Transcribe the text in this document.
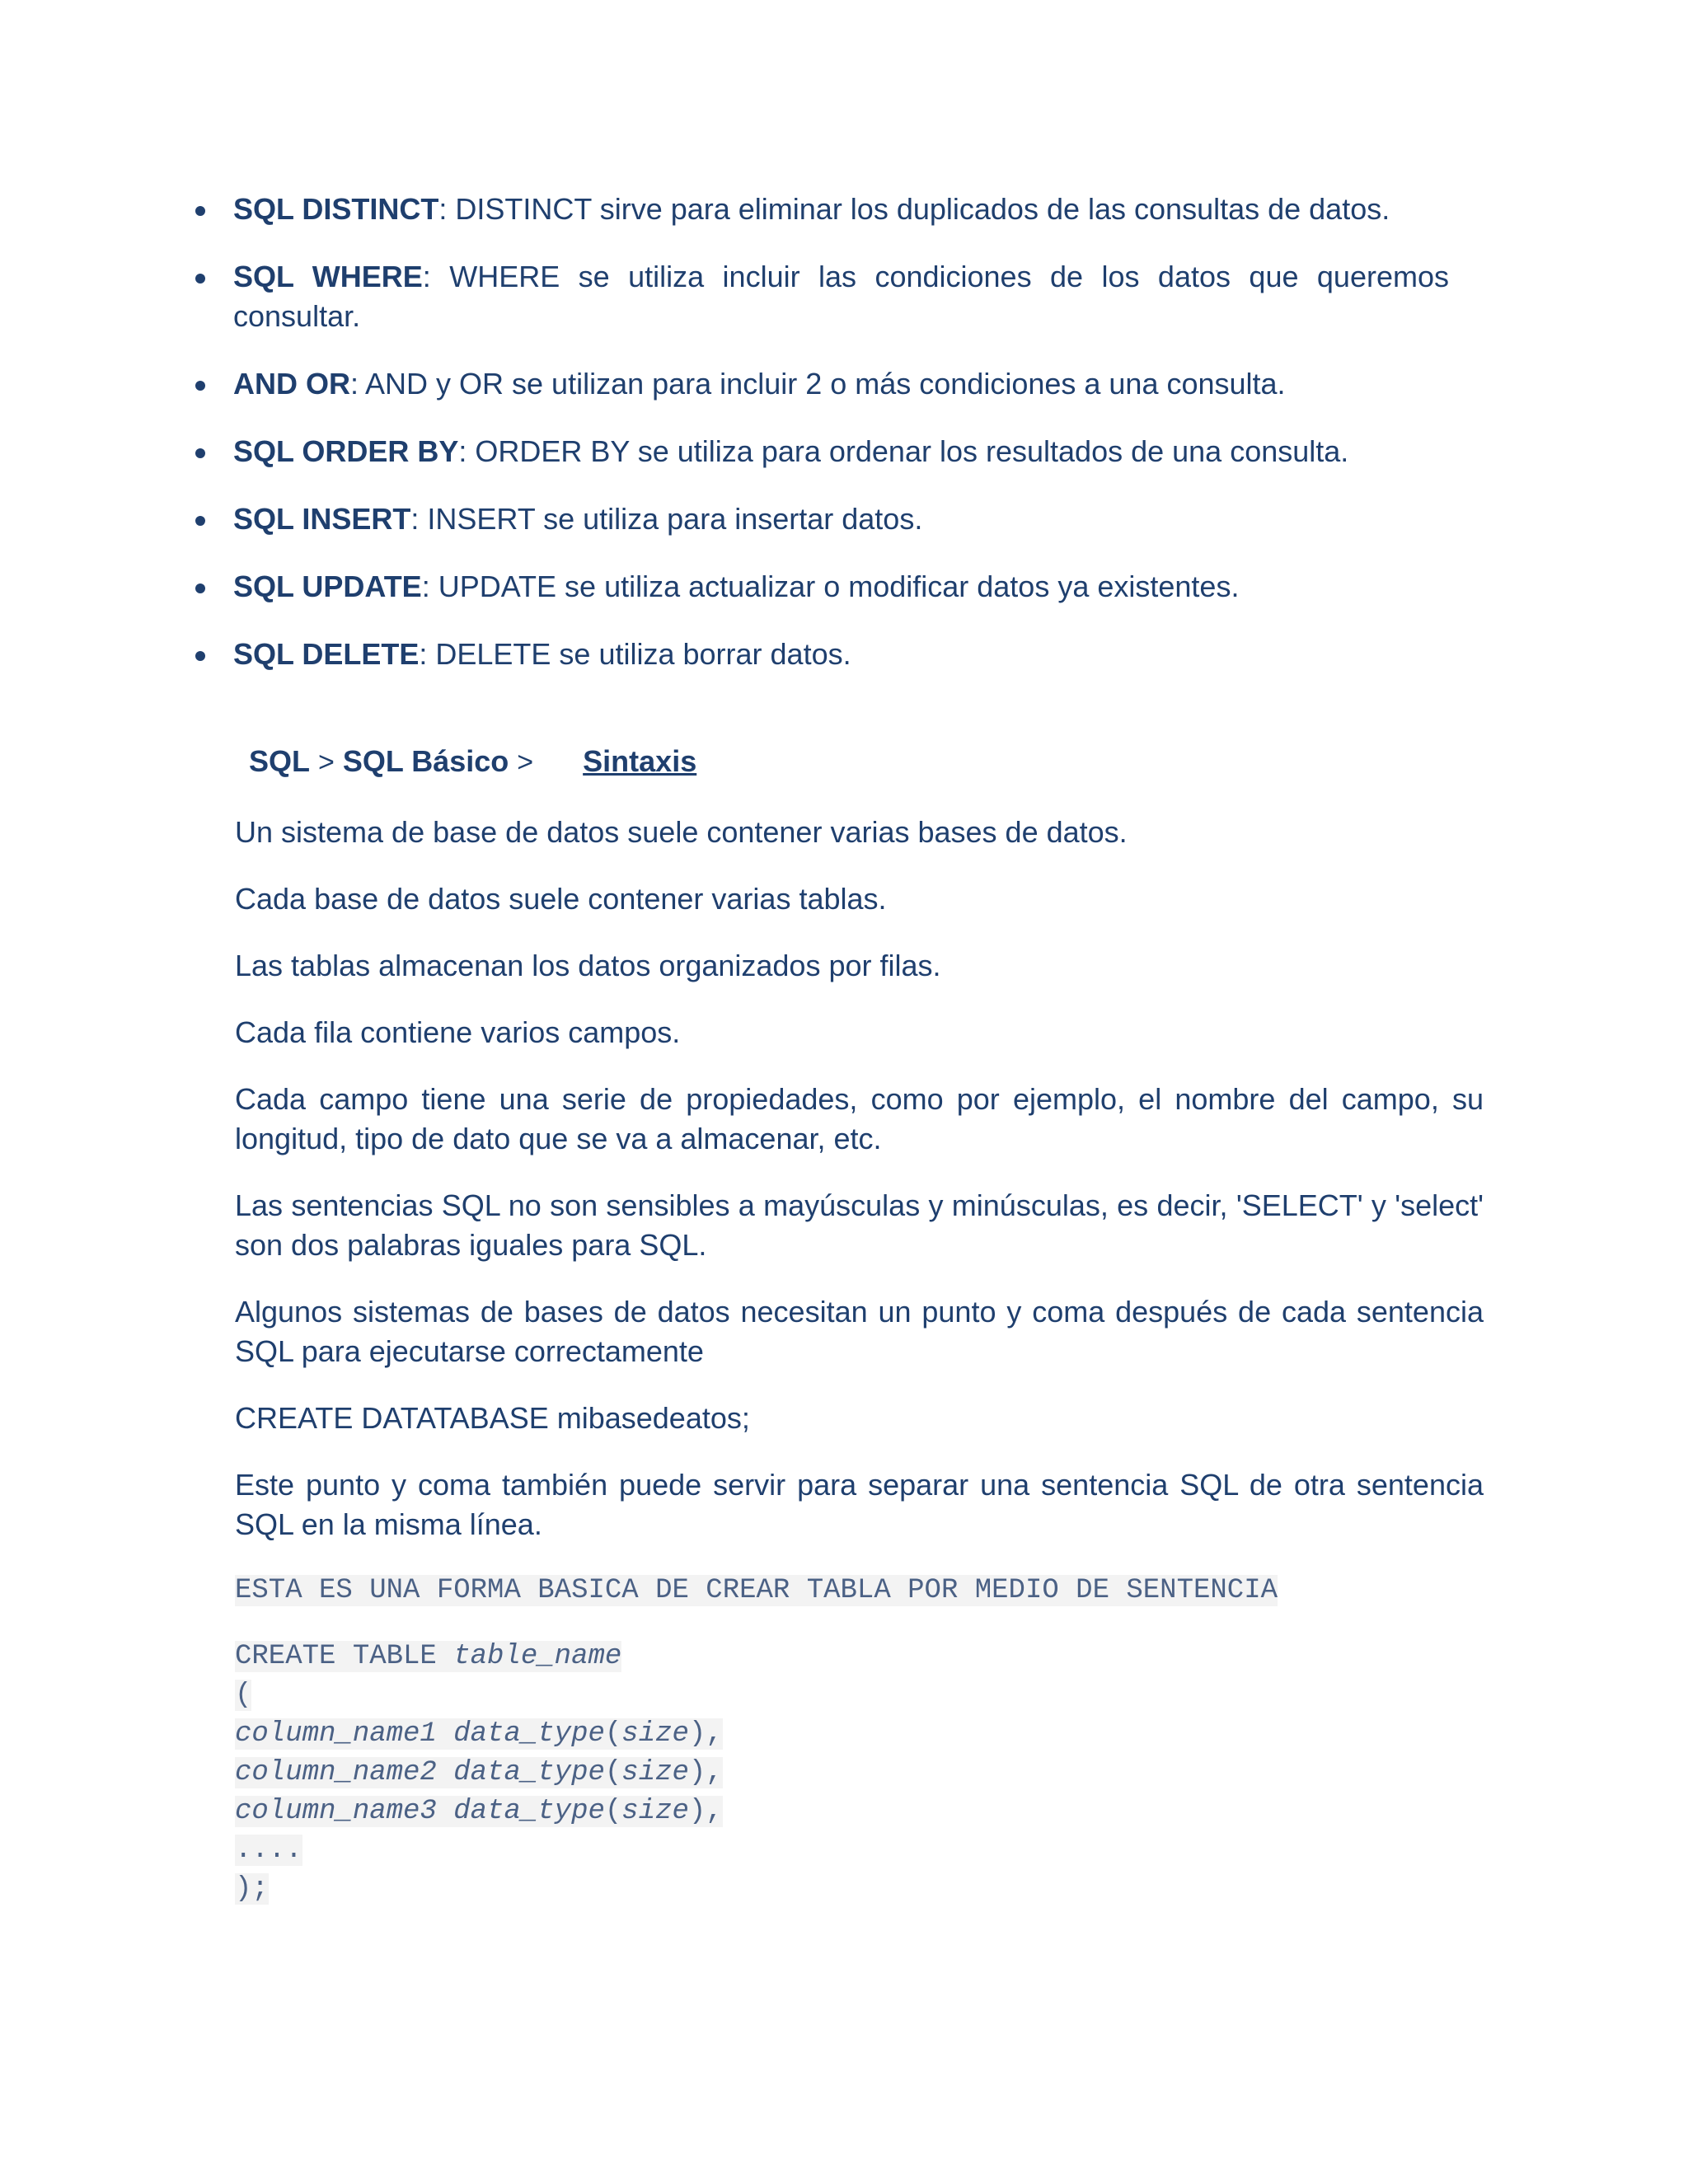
SQL DISTINCT: DISTINCT sirve para eliminar los duplicados de las consultas de datos.
SQL WHERE: WHERE se utiliza incluir las condiciones de los datos que queremos consultar.
AND OR: AND y OR se utilizan para incluir 2 o más condiciones a una consulta.
SQL ORDER BY: ORDER BY se utiliza para ordenar los resultados de una consulta.
SQL INSERT: INSERT se utiliza para insertar datos.
SQL UPDATE: UPDATE se utiliza actualizar o modificar datos ya existentes.
SQL DELETE: DELETE se utiliza borrar datos.
SQL > SQL Básico > Sintaxis

Un sistema de base de datos suele contener varias bases de datos.

Cada base de datos suele contener varias tablas.

Las tablas almacenan los datos organizados por filas.

Cada fila contiene varios campos.

Cada campo tiene una serie de propiedades, como por ejemplo, el nombre del campo, su longitud, tipo de dato que se va a almacenar, etc.

Las sentencias SQL no son sensibles a mayúsculas y minúsculas, es decir, 'SELECT' y 'select' son dos palabras iguales para SQL.

Algunos sistemas de bases de datos necesitan un punto y coma después de cada sentencia SQL para ejecutarse correctamente

CREATE DATATABASE mibasedeatos;

Este punto y coma también puede servir para separar una sentencia SQL de otra sentencia SQL en la misma línea.

ESTA ES UNA FORMA BASICA DE CREAR TABLA POR MEDIO DE SENTENCIA
CREATE TABLE table_name
(
column_name1 data_type(size),
column_name2 data_type(size),
column_name3 data_type(size),
....
);
